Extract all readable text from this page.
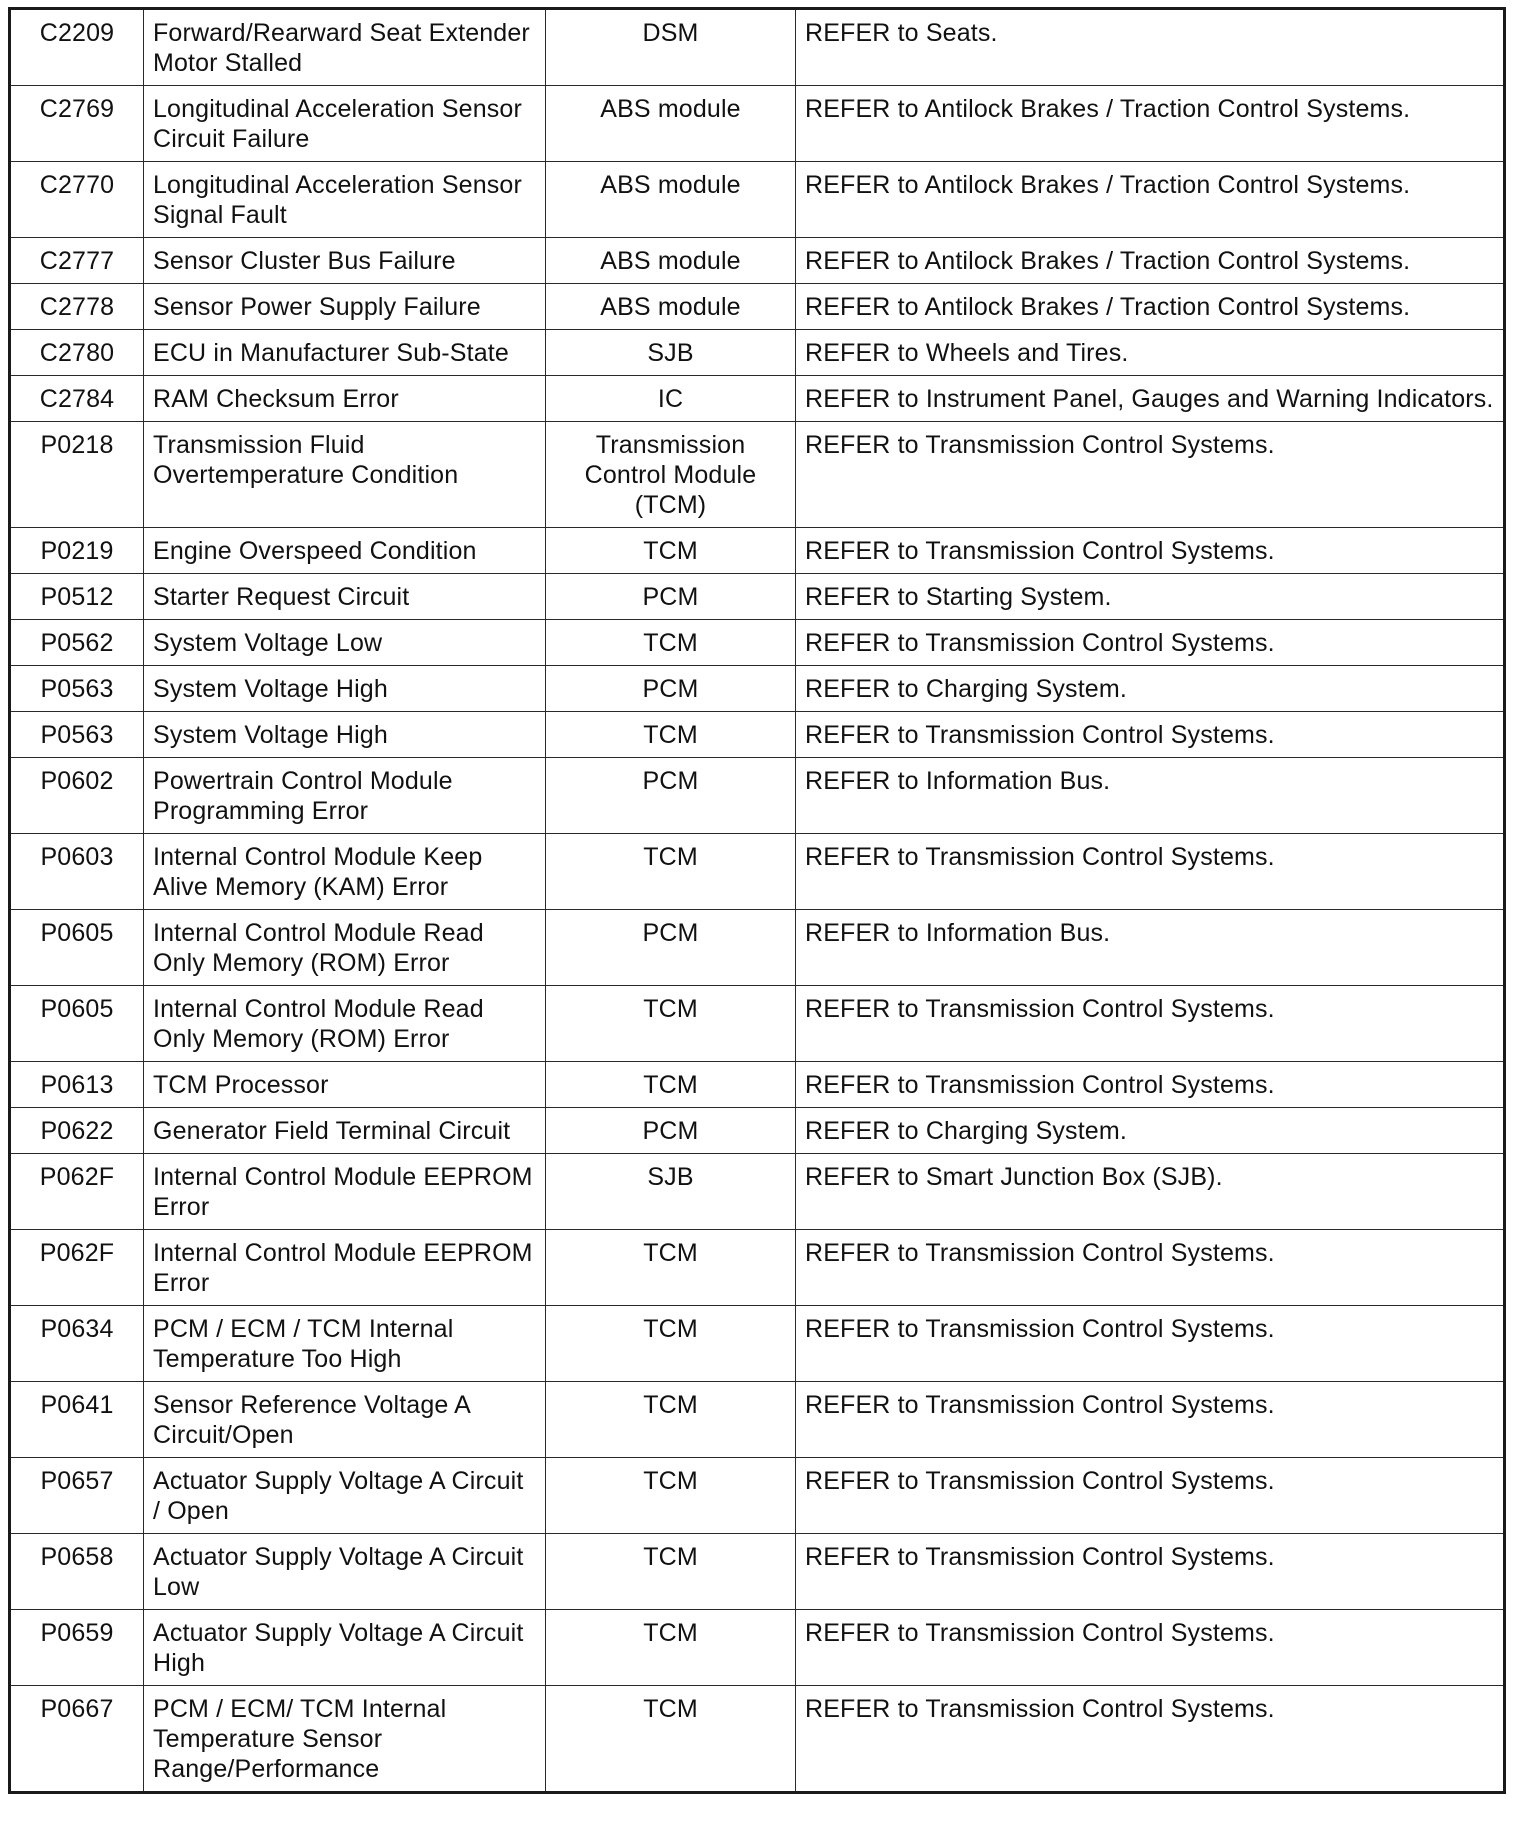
C2209	Forward/Rearward Seat Extender Motor Stalled	DSM	REFER to Seats.
C2769	Longitudinal Acceleration Sensor Circuit Failure	ABS module	REFER to Antilock Brakes / Traction Control Systems.
C2770	Longitudinal Acceleration Sensor Signal Fault	ABS module	REFER to Antilock Brakes / Traction Control Systems.
C2777	Sensor Cluster Bus Failure	ABS module	REFER to Antilock Brakes / Traction Control Systems.
C2778	Sensor Power Supply Failure	ABS module	REFER to Antilock Brakes / Traction Control Systems.
C2780	ECU in Manufacturer Sub-State	SJB	REFER to Wheels and Tires.
C2784	RAM Checksum Error	IC	REFER to Instrument Panel, Gauges and Warning Indicators.
P0218	Transmission Fluid Overtemperature Condition	Transmission Control Module (TCM)	REFER to Transmission Control Systems.
P0219	Engine Overspeed Condition	TCM	REFER to Transmission Control Systems.
P0512	Starter Request Circuit	PCM	REFER to Starting System.
P0562	System Voltage Low	TCM	REFER to Transmission Control Systems.
P0563	System Voltage High	PCM	REFER to Charging System.
P0563	System Voltage High	TCM	REFER to Transmission Control Systems.
P0602	Powertrain Control Module Programming Error	PCM	REFER to Information Bus.
P0603	Internal Control Module Keep Alive Memory (KAM) Error	TCM	REFER to Transmission Control Systems.
P0605	Internal Control Module Read Only Memory (ROM) Error	PCM	REFER to Information Bus.
P0605	Internal Control Module Read Only Memory (ROM) Error	TCM	REFER to Transmission Control Systems.
P0613	TCM Processor	TCM	REFER to Transmission Control Systems.
P0622	Generator Field Terminal Circuit	PCM	REFER to Charging System.
P062F	Internal Control Module EEPROM Error	SJB	REFER to Smart Junction Box (SJB).
P062F	Internal Control Module EEPROM Error	TCM	REFER to Transmission Control Systems.
P0634	PCM / ECM / TCM Internal Temperature Too High	TCM	REFER to Transmission Control Systems.
P0641	Sensor Reference Voltage A Circuit/Open	TCM	REFER to Transmission Control Systems.
P0657	Actuator Supply Voltage A Circuit / Open	TCM	REFER to Transmission Control Systems.
P0658	Actuator Supply Voltage A Circuit Low	TCM	REFER to Transmission Control Systems.
P0659	Actuator Supply Voltage A Circuit High	TCM	REFER to Transmission Control Systems.
P0667	PCM / ECM/ TCM Internal Temperature Sensor Range/Performance	TCM	REFER to Transmission Control Systems.
